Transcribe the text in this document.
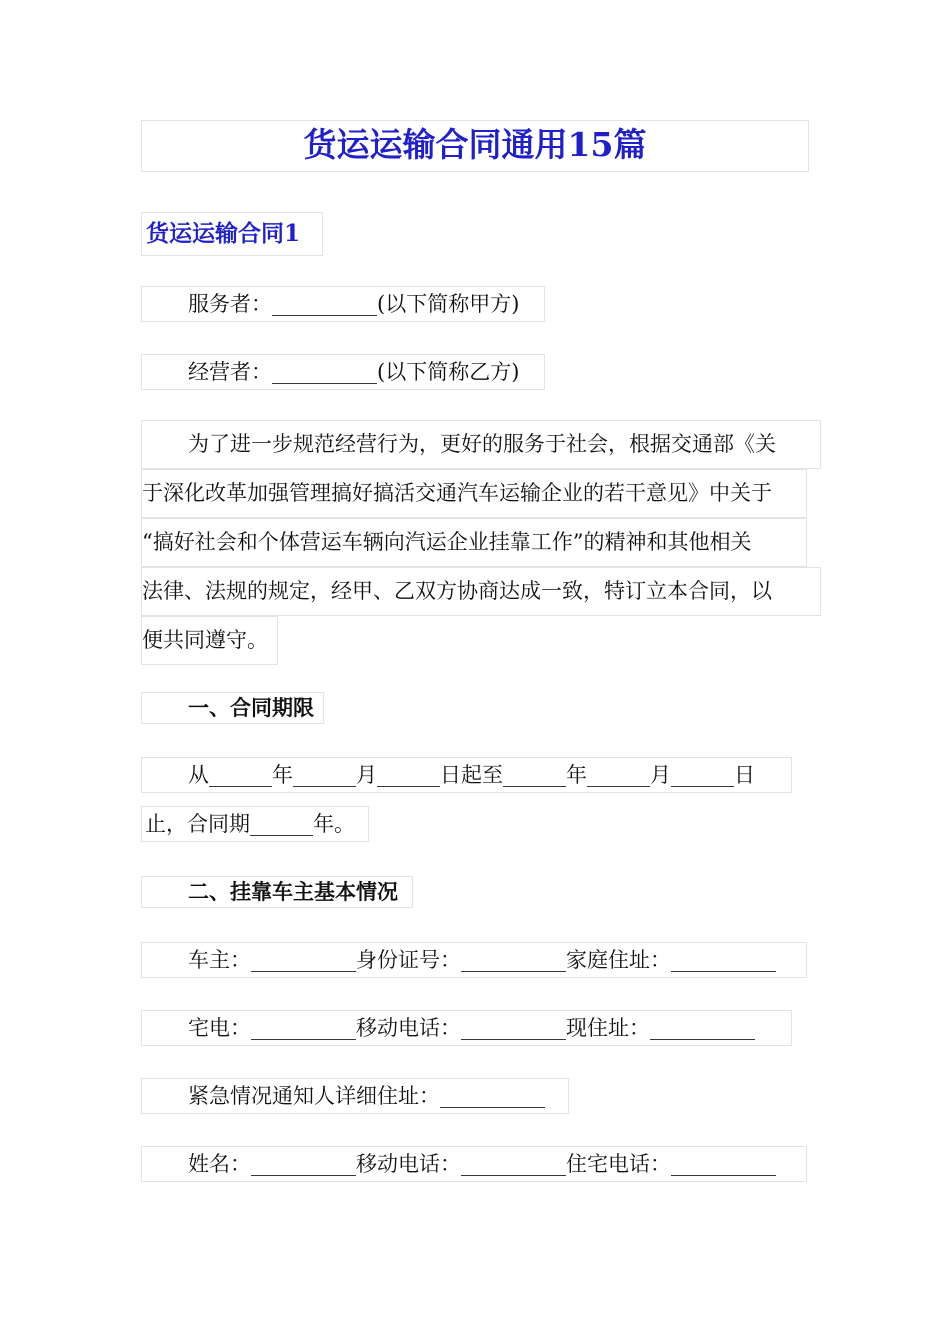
货运运输合同通用15篇
货运运输合同1
服务者：__________(以下简称甲方)
经营者：__________(以下简称乙方)
为了进一步规范经营行为，更好的服务于社会，根据交通部《关
于深化改革加强管理搞好搞活交通汽车运输企业的若干意见》中关于
“搞好社会和个体营运车辆向汽运企业挂靠工作”的精神和其他相关
法律、法规的规定，经甲、乙双方协商达成一致，特订立本合同，以
便共同遵守。
一、合同期限
从______年______月______日起至______年______月______日
止，合同期______年。
二、挂靠车主基本情况
车主：__________身份证号：__________家庭住址：__________
宅电：__________移动电话：__________现住址：__________
紧急情况通知人详细住址：__________
姓名：__________移动电话：__________住宅电话：__________
